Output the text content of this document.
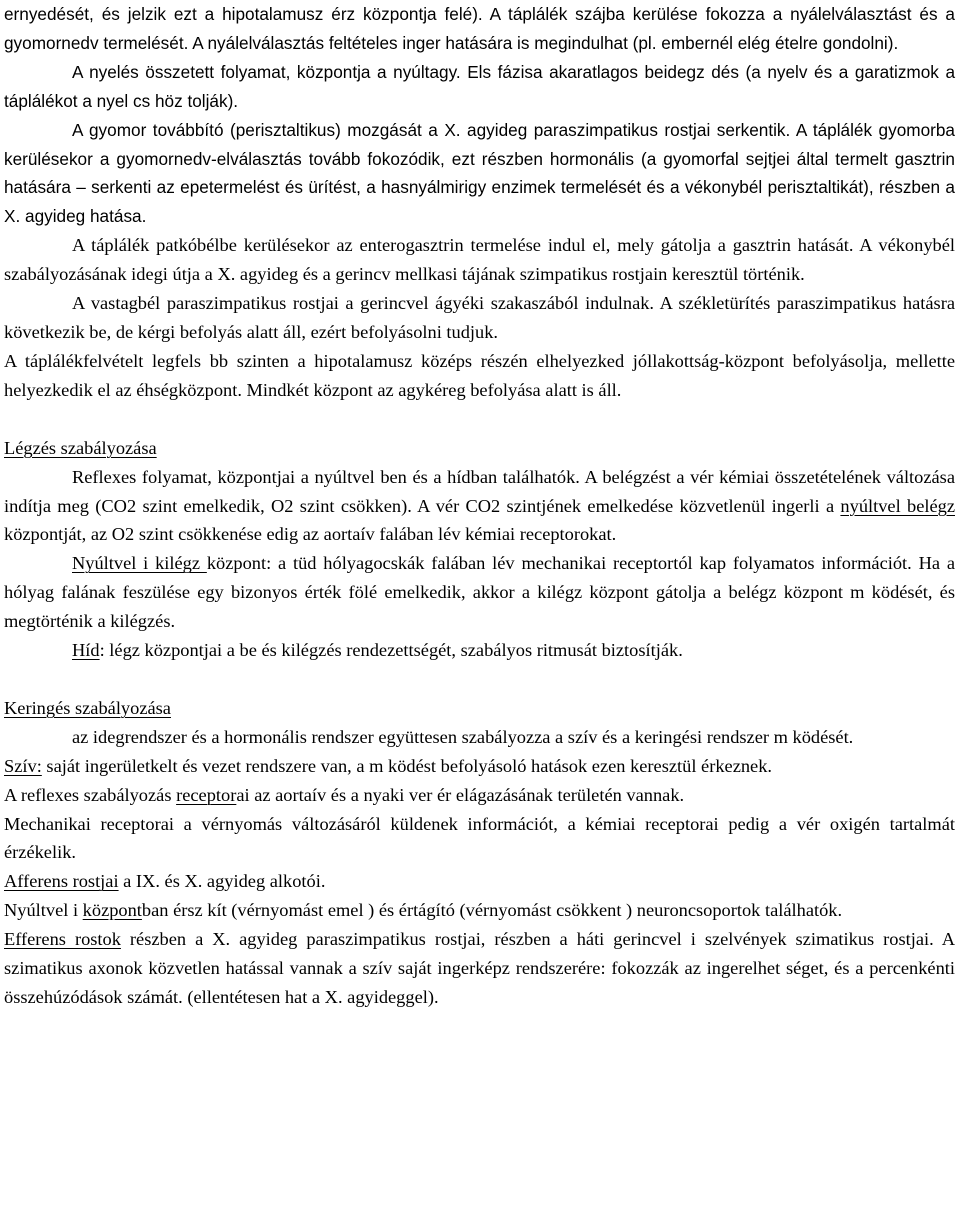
ernyedését, és jelzik ezt a hipotalamusz érz központja felé). A táplálék szájba kerülése fokozza a nyálelválasztást és a gyomornedv termelését. A nyálelválasztás feltételes inger hatására is megindulhat (pl. embernél elég ételre gondolni).

A nyelés összetett folyamat, központja a nyúltagy. Els fázisa akaratlagos beidegz dés (a nyelv és a garatizmok a táplálékot a nyel cs höz tolják).

A gyomor továbbító (perisztaltikus) mozgását a X. agyideg paraszimpatikus rostjai serkentik. A táplálék gyomorba kerülésekor a gyomornedv-elválasztás tovább fokozódik, ezt részben hormonális (a gyomorfal sejtjei által termelt gasztrin hatására – serkenti az epetermelést és ürítést, a hasnyálmirigy enzimek termelését és a vékonybél perisztaltikát), részben a X. agyideg hatása.

A táplálék patkóbélbe kerülésekor az enterogasztrin termelése indul el, mely gátolja a gasztrin hatását. A vékonybél szabályozásának idegi útja a X. agyideg és a gerincv mellkasi tájának szimpatikus rostjain keresztül történik.

A vastagbél paraszimpatikus rostjai a gerincvel ágyéki szakaszából indulnak. A székletürítés paraszimpatikus hatásra következik be, de kérgi befolyás alatt áll, ezért befolyásolni tudjuk.

A táplálékfelvételt legfels bb szinten a hipotalamusz középs részén elhelyezked jóllakottság-központ befolyásolja, mellette helyezkedik el az éhségközpont. Mindkét központ az agykéreg befolyása alatt is áll.

Légzés szabályozása

Reflexes folyamat, központjai a nyúltvel ben és a hídban találhatók. A belégzést a vér kémiai összetételének változása indítja meg (CO2 szint emelkedik, O2 szint csökken). A vér CO2 szintjének emelkedése közvetlenül ingerli a nyúltvel belégz központját, az O2 szint csökkenése edig az aortaív falában lév kémiai receptorokat.

Nyúltvel i kilégz központ: a tüd hólyagocskák falában lév mechanikai receptortól kap folyamatos információt. Ha a hólyag falának feszülése egy bizonyos érték fölé emelkedik, akkor a kilégz központ gátolja a belégz központ m ködését, és megtörténik a kilégzés.

Híd: légz központjai a be és kilégzés rendezettségét, szabályos ritmusát biztosítják.

Keringés szabályozása

az idegrendszer és a hormonális rendszer együttesen szabályozza a szív és a keringési rendszer m ködését.

Szív: saját ingerületkelt és vezet rendszere van, a m ködést befolyásoló hatások ezen keresztül érkeznek.

A reflexes szabályozás receptorai az aortaív és a nyaki ver ér elágazásának területén vannak.

Mechanikai receptorai a vérnyomás változásáról küldenek információt, a kémiai receptorai pedig a vér oxigén tartalmát érzékelik.

Afferens rostjai a IX. és X. agyideg alkotói.

Nyúltvel i központban érsz kít (vérnyomást emel ) és értágító (vérnyomást csökkent ) neuroncsoportok találhatók.

Efferens rostok részben a X. agyideg paraszimpatikus rostjai, részben a háti gerincvel i szelvények szimatikus rostjai. A szimatikus axonok közvetlen hatással vannak a szív saját ingerképz rendszerére: fokozzák az ingerelhet séget, és a percenkénti összehúzódások számát. (ellentétesen hat a X. agyideggel).
